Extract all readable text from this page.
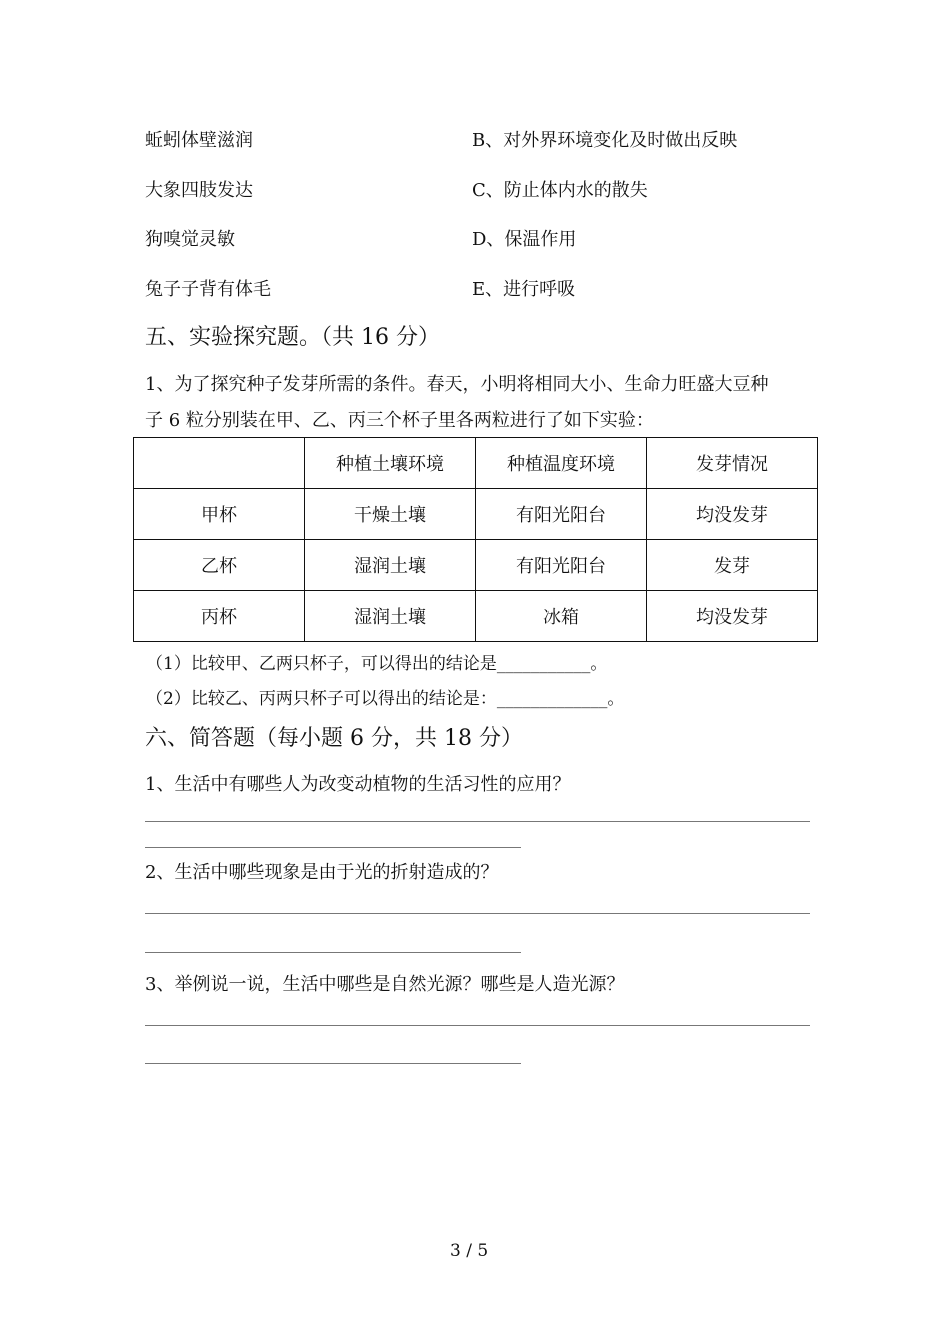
蚯蚓体壁滋润	B、对外界环境变化及时做出反映
大象四肢发达	C、防止体内水的散失
狗嗅觉灵敏	D、保温作用
兔子子背有体毛	E、进行呼吸
五、实验探究题。（共 16 分）
1、为了探究种子发芽所需的条件。春天，小明将相同大小、生命力旺盛大豆种
子 6 粒分别装在甲、乙、丙三个杯子里各两粒进行了如下实验：
	种植土壤环境	种植温度环境	发芽情况
甲杯	干燥土壤	有阳光阳台	均没发芽
乙杯	湿润土壤	有阳光阳台	发芽
丙杯	湿润土壤	冰箱	均没发芽
（1）比较甲、乙两只杯子，可以得出的结论是___________。
（2）比较乙、丙两只杯子可以得出的结论是：_____________。
六、简答题（每小题 6 分，共 18 分）
1、生活中有哪些人为改变动植物的生活习性的应用？
2、生活中哪些现象是由于光的折射造成的？
3、举例说一说，生活中哪些是自然光源？哪些是人造光源？
3 / 5
